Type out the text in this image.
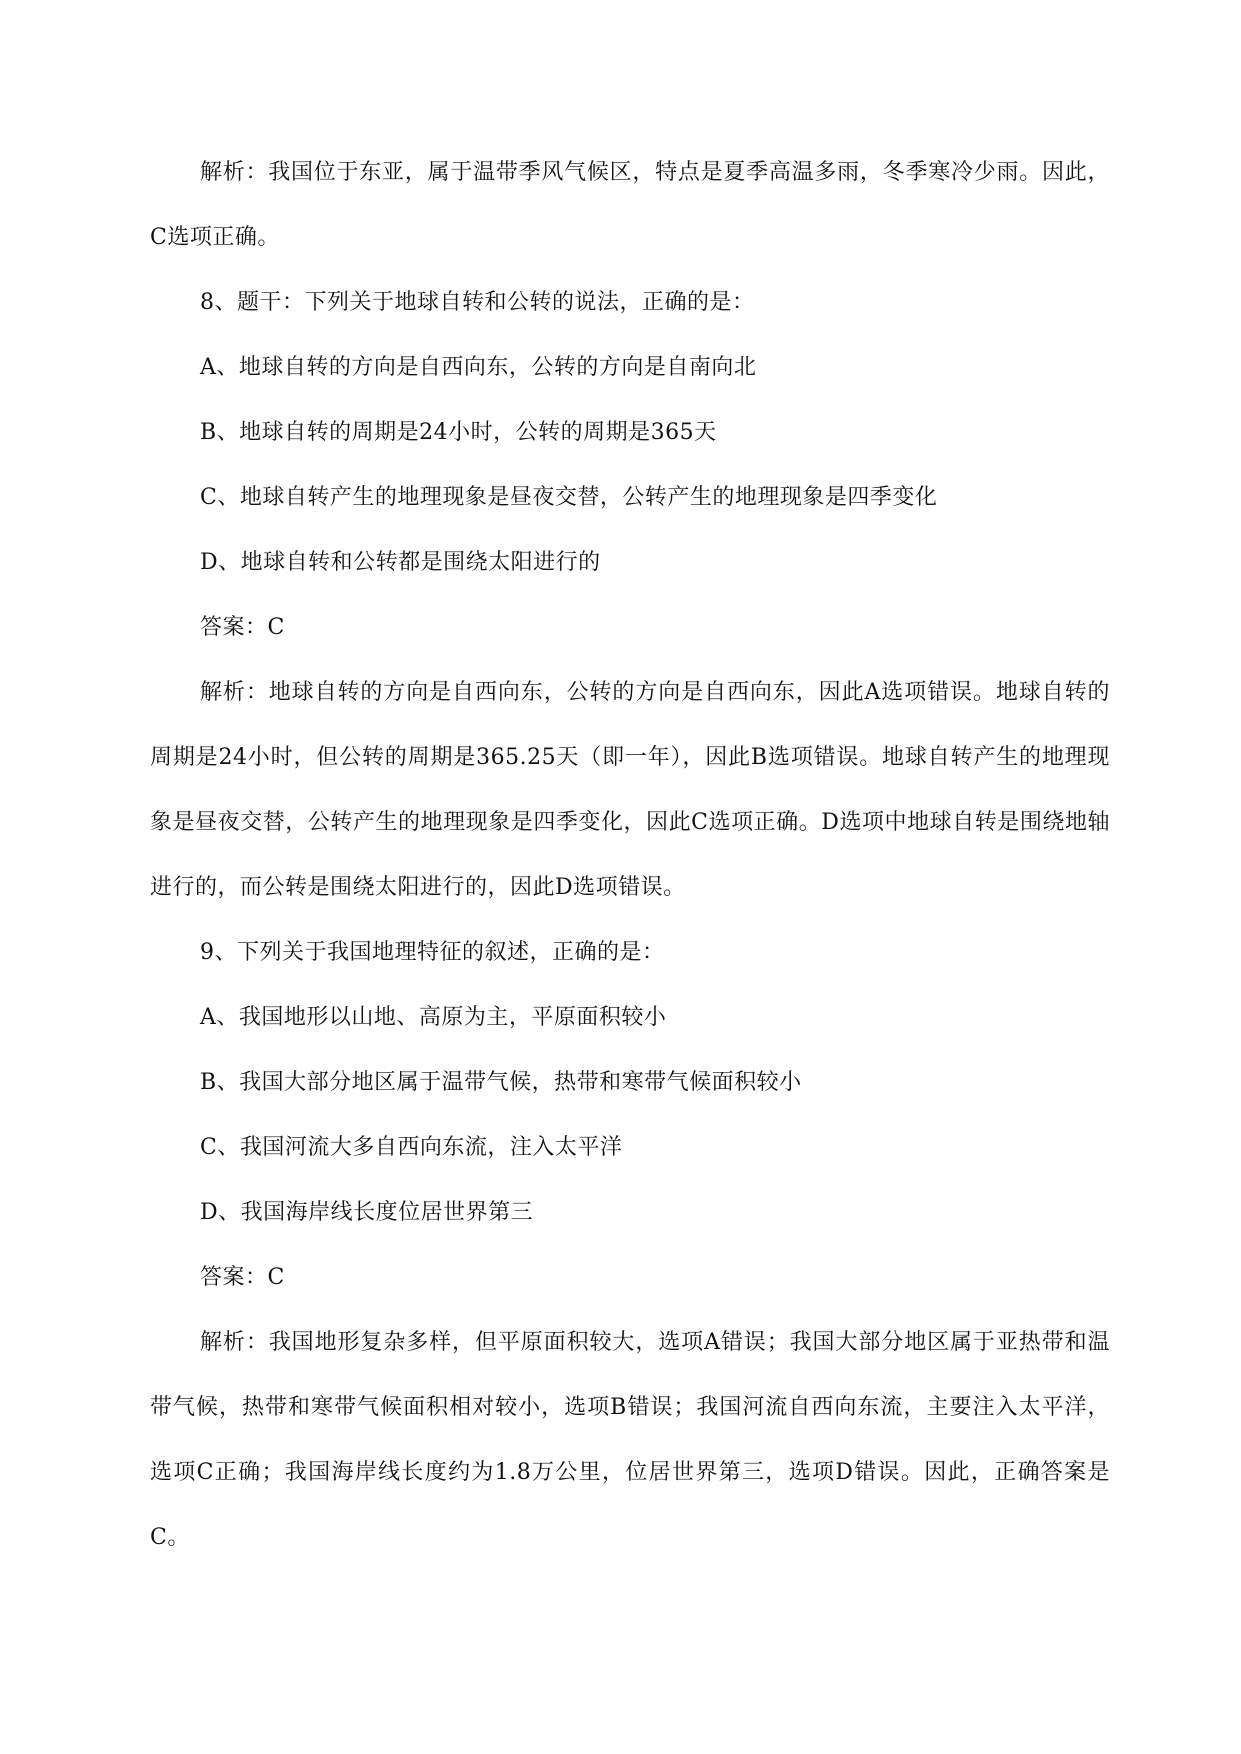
解析：我国位于东亚，属于温带季风气候区，特点是夏季高温多雨，冬季寒冷少雨。因此，C选项正确。

8、题干：下列关于地球自转和公转的说法，正确的是：

A、地球自转的方向是自西向东，公转的方向是自南向北

B、地球自转的周期是24小时，公转的周期是365天

C、地球自转产生的地理现象是昼夜交替，公转产生的地理现象是四季变化

D、地球自转和公转都是围绕太阳进行的

答案：C

解析：地球自转的方向是自西向东，公转的方向是自西向东，因此A选项错误。地球自转的周期是24小时，但公转的周期是365.25天（即一年），因此B选项错误。地球自转产生的地理现象是昼夜交替，公转产生的地理现象是四季变化，因此C选项正确。D选项中地球自转是围绕地轴进行的，而公转是围绕太阳进行的，因此D选项错误。

9、下列关于我国地理特征的叙述，正确的是：

A、我国地形以山地、高原为主，平原面积较小

B、我国大部分地区属于温带气候，热带和寒带气候面积较小

C、我国河流大多自西向东流，注入太平洋

D、我国海岸线长度位居世界第三

答案：C

解析：我国地形复杂多样，但平原面积较大，选项A错误；我国大部分地区属于亚热带和温带气候，热带和寒带气候面积相对较小，选项B错误；我国河流自西向东流，主要注入太平洋，选项C正确；我国海岸线长度约为1.8万公里，位居世界第三，选项D错误。因此，正确答案是C。
